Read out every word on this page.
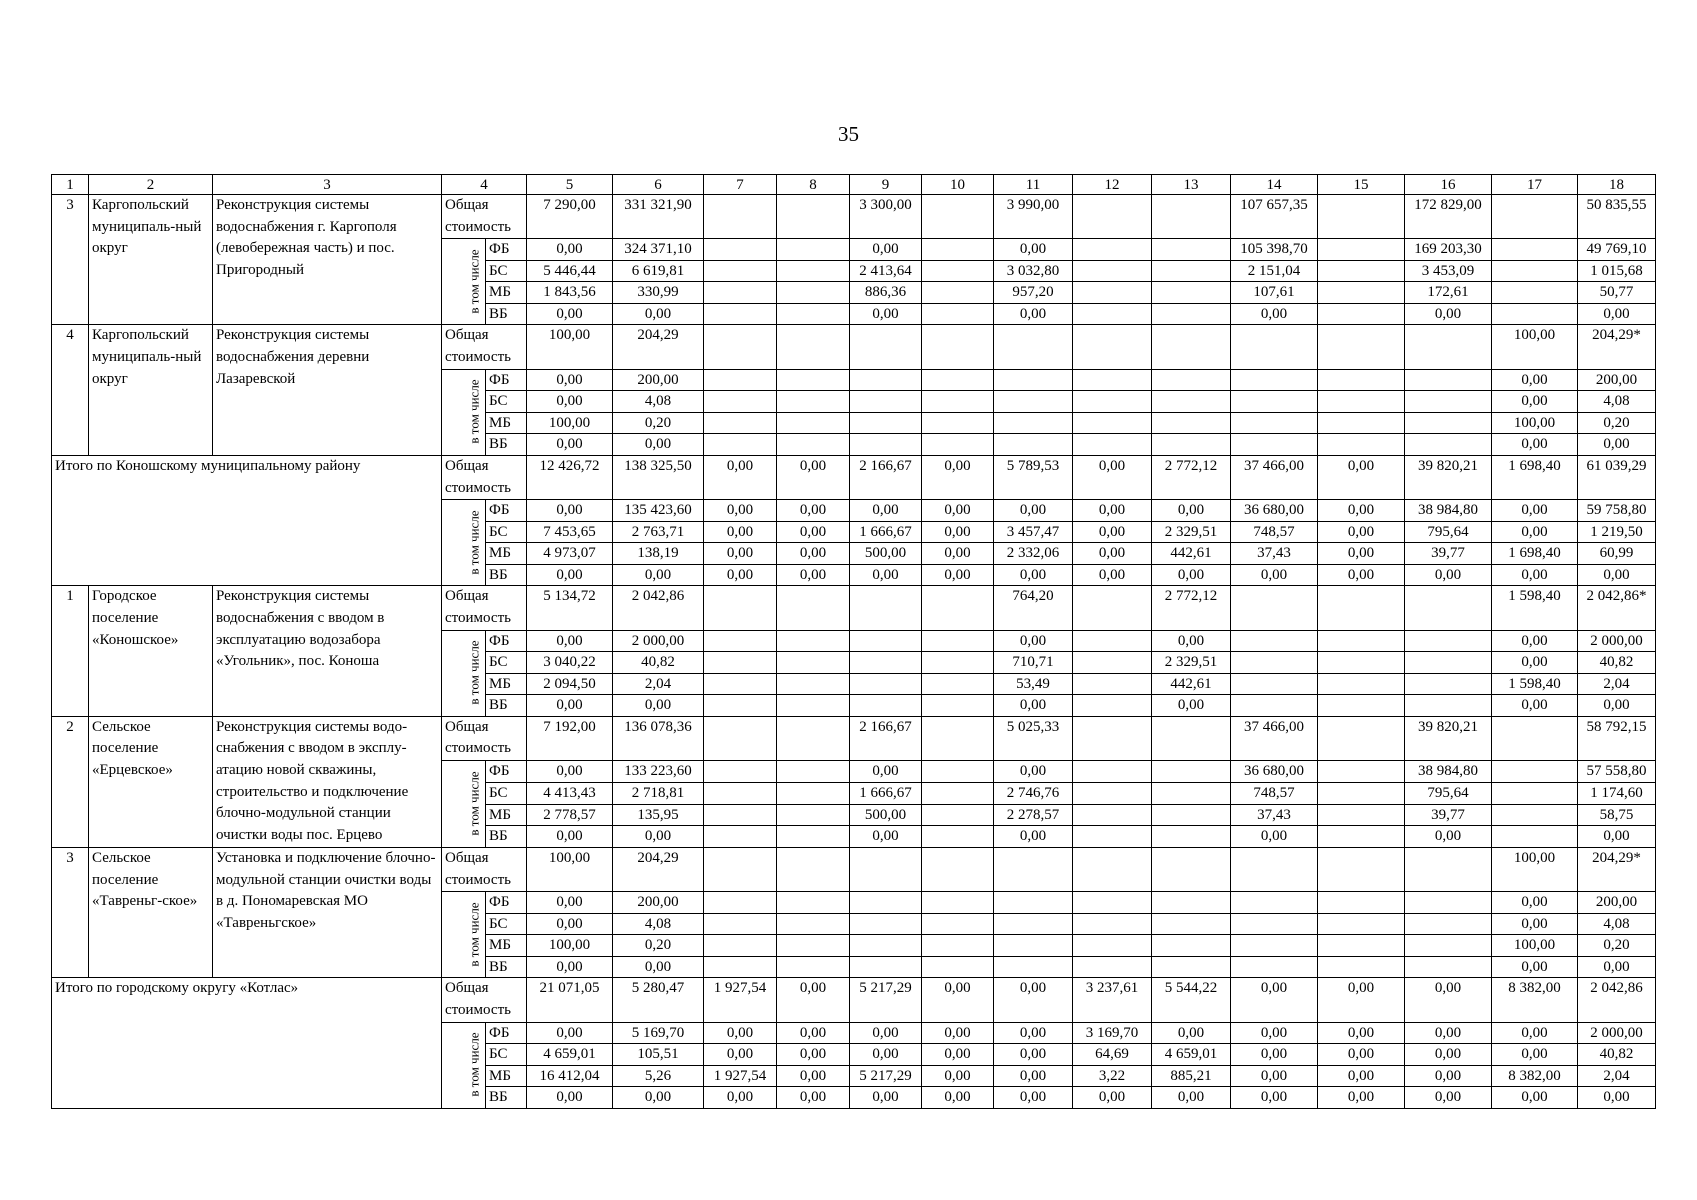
35
1	2	3	4		5	6	7	8	9	10	11	12	13	14	15	16	17	18
3	Каргопольский муниципаль-ный округ	Реконструкция системы водоснабжения г. Каргополя (левобережная часть) и пос. Пригородный	Общая стоимость		7 290,00	331 321,90			3 300,00		3 990,00			107 657,35		172 829,00		50 835,55
			в том числе	ФБ	0,00	324 371,10			0,00		0,00			105 398,70		169 203,30		49 769,10
				БС	5 446,44	6 619,81			2 413,64		3 032,80			2 151,04		3 453,09		1 015,68
				МБ	1 843,56	330,99			886,36		957,20			107,61		172,61		50,77
				ВБ	0,00	0,00			0,00		0,00			0,00		0,00		0,00
4	Каргопольский муниципаль-ный округ	Реконструкция системы водоснабжения деревни Лазаревской	Общая стоимость		100,00	204,29											100,00	204,29*
			в том числе	ФБ	0,00	200,00											0,00	200,00
				БС	0,00	4,08											0,00	4,08
				МБ	100,00	0,20											100,00	0,20
				ВБ	0,00	0,00											0,00	0,00
Итого по Коношскому муниципальному району			Общая стоимость		12 426,72	138 325,50	0,00	0,00	2 166,67	0,00	5 789,53	0,00	2 772,12	37 466,00	0,00	39 820,21	1 698,40	61 039,29
			в том числе	ФБ	0,00	135 423,60	0,00	0,00	0,00	0,00	0,00	0,00	0,00	36 680,00	0,00	38 984,80	0,00	59 758,80
				БС	7 453,65	2 763,71	0,00	0,00	1 666,67	0,00	3 457,47	0,00	2 329,51	748,57	0,00	795,64	0,00	1 219,50
				МБ	4 973,07	138,19	0,00	0,00	500,00	0,00	2 332,06	0,00	442,61	37,43	0,00	39,77	1 698,40	60,99
				ВБ	0,00	0,00	0,00	0,00	0,00	0,00	0,00	0,00	0,00	0,00	0,00	0,00	0,00	0,00
1	Городское поселение «Коношское»	Реконструкция системы водоснабжения с вводом в эксплуатацию водозабора «Угольник», пос. Коноша	Общая стоимость		5 134,72	2 042,86					764,20		2 772,12				1 598,40	2 042,86*
			в том числе	ФБ	0,00	2 000,00					0,00		0,00				0,00	2 000,00
				БС	3 040,22	40,82					710,71		2 329,51				0,00	40,82
				МБ	2 094,50	2,04					53,49		442,61				1 598,40	2,04
				ВБ	0,00	0,00					0,00		0,00				0,00	0,00
2	Сельское поселение «Ерцевское»	Реконструкция системы водо-снабжения с вводом в эксплу-атацию новой скважины, строительство и подключение блочно-модульной станции очистки воды пос. Ерцево	Общая стоимость		7 192,00	136 078,36			2 166,67		5 025,33			37 466,00		39 820,21		58 792,15
			в том числе	ФБ	0,00	133 223,60			0,00		0,00			36 680,00		38 984,80		57 558,80
				БС	4 413,43	2 718,81			1 666,67		2 746,76			748,57		795,64		1 174,60
				МБ	2 778,57	135,95			500,00		2 278,57			37,43		39,77		58,75
				ВБ	0,00	0,00			0,00		0,00			0,00		0,00		0,00
3	Сельское поселение «Тавреньг-ское»	Установка и подключение блочно-модульной станции очистки воды в д. Пономаревская МО «Тавреньгское»	Общая стоимость		100,00	204,29											100,00	204,29*
			в том числе	ФБ	0,00	200,00											0,00	200,00
				БС	0,00	4,08											0,00	4,08
				МБ	100,00	0,20											100,00	0,20
				ВБ	0,00	0,00											0,00	0,00
Итого по городскому округу «Котлас»			Общая стоимость		21 071,05	5 280,47	1 927,54	0,00	5 217,29	0,00	0,00	3 237,61	5 544,22	0,00	0,00	0,00	8 382,00	2 042,86
			в том числе	ФБ	0,00	5 169,70	0,00	0,00	0,00	0,00	0,00	3 169,70	0,00	0,00	0,00	0,00	0,00	2 000,00
				БС	4 659,01	105,51	0,00	0,00	0,00	0,00	0,00	64,69	4 659,01	0,00	0,00	0,00	0,00	40,82
				МБ	16 412,04	5,26	1 927,54	0,00	5 217,29	0,00	0,00	3,22	885,21	0,00	0,00	0,00	8 382,00	2,04
				ВБ	0,00	0,00	0,00	0,00	0,00	0,00	0,00	0,00	0,00	0,00	0,00	0,00	0,00	0,00
